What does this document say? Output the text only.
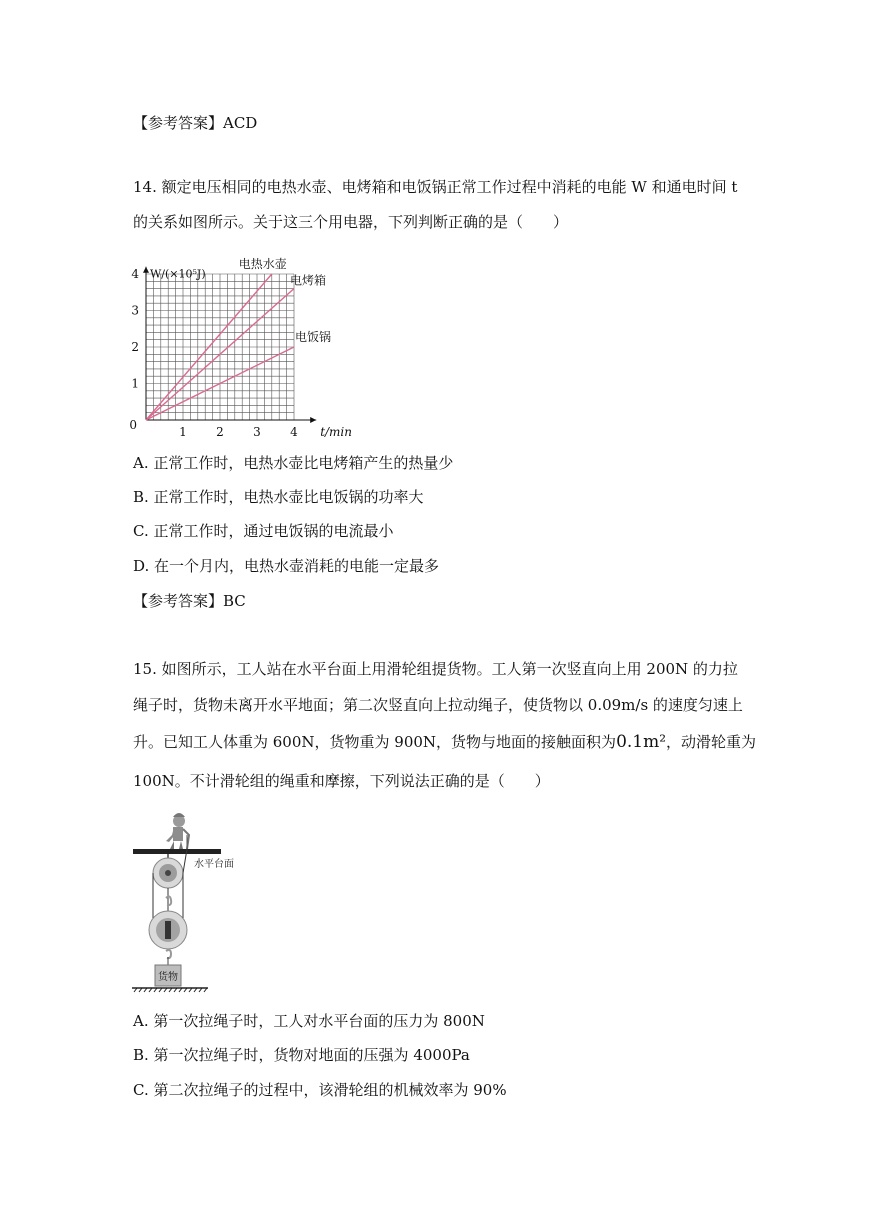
【参考答案】ACD
14. 额定电压相同的电热水壶、电烤箱和电饭锅正常工作过程中消耗的电能 W 和通电时间 t
的关系如图所示。关于这三个用电器，下列判断正确的是（　　）
1 2 3 4
1
2
3
4
0	t/min
W/(×10⁵J)
电热水壶
电烤箱
电饭锅
A. 正常工作时，电热水壶比电烤箱产生的热量少
B. 正常工作时，电热水壶比电饭锅的功率大
C. 正常工作时，通过电饭锅的电流最小
D. 在一个月内，电热水壶消耗的电能一定最多
【参考答案】BC
15. 如图所示，工人站在水平台面上用滑轮组提货物。工人第一次竖直向上用 200N 的力拉
绳子时，货物未离开水平地面；第二次竖直向上拉动绳子，使货物以 0.09m/s 的速度匀速上
升。已知工人体重为 600N，货物重为 900N，货物与地面的接触面积为0.1m²，动滑轮重为
100N。不计滑轮组的绳重和摩擦，下列说法正确的是（　　）
水平台面
货物
A. 第一次拉绳子时，工人对水平台面的压力为 800N
B. 第一次拉绳子时，货物对地面的压强为 4000Pa
C. 第二次拉绳子的过程中，该滑轮组的机械效率为 90%
